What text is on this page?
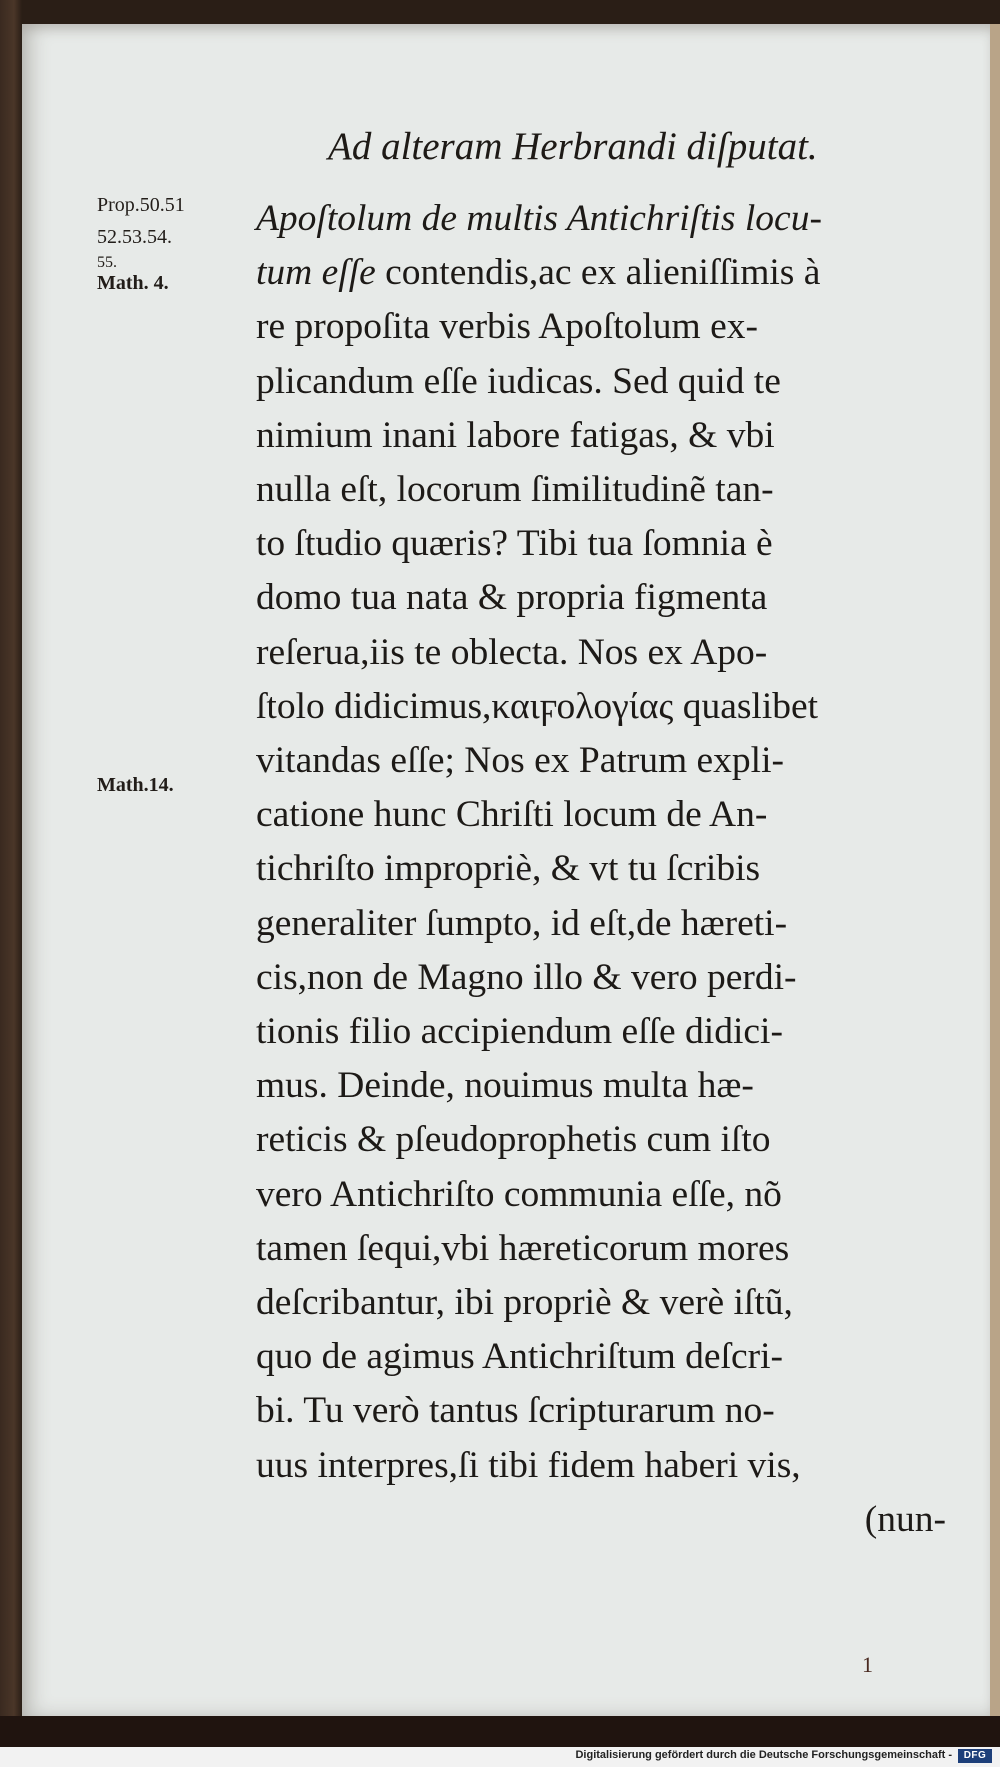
Ad alteram Herbrandi diſputat.
Prop.50.51
52.53.54.
55.
Math. 4.
Math.14.
Apoſtolum de multis Antichriſtis locu-
tum eſſe contendis,ac ex alieniſſimis à
re propoſita verbis Apoſtolum ex-
plicandum eſſe iudicas. Sed quid te
nimium inani labore fatigas, & vbi
nulla eſt, locorum ſimilitudinẽ tan-
to ſtudio quæris? Tibi tua ſomnia è
domo tua nata & propria figmenta
reſerua,iis te oblecta. Nos ex Apo-
ſtolo didicimus,καιϝολογίας quaslibet
vitandas eſſe; Nos ex Patrum expli-
catione hunc Chriſti locum de An-
tichriſto impropriè, & vt tu ſcribis
generaliter ſumpto, id eſt,de hæreti-
cis,non de Magno illo & vero perdi-
tionis filio accipiendum eſſe didici-
mus. Deinde, nouimus multa hæ-
reticis & pſeudoprophetis cum iſto
vero Antichriſto communia eſſe, nõ
tamen ſequi,vbi hæreticorum mores
deſcribantur, ibi propriè & verè iſtũ,
quo de agimus Antichriſtum deſcri-
bi. Tu verò tantus ſcripturarum no-
uus interpres,ſi tibi fidem haberi vis,
(nun-
1
Digitalisierung gefördert durch die Deutsche Forschungsgemeinschaft -	DFG
